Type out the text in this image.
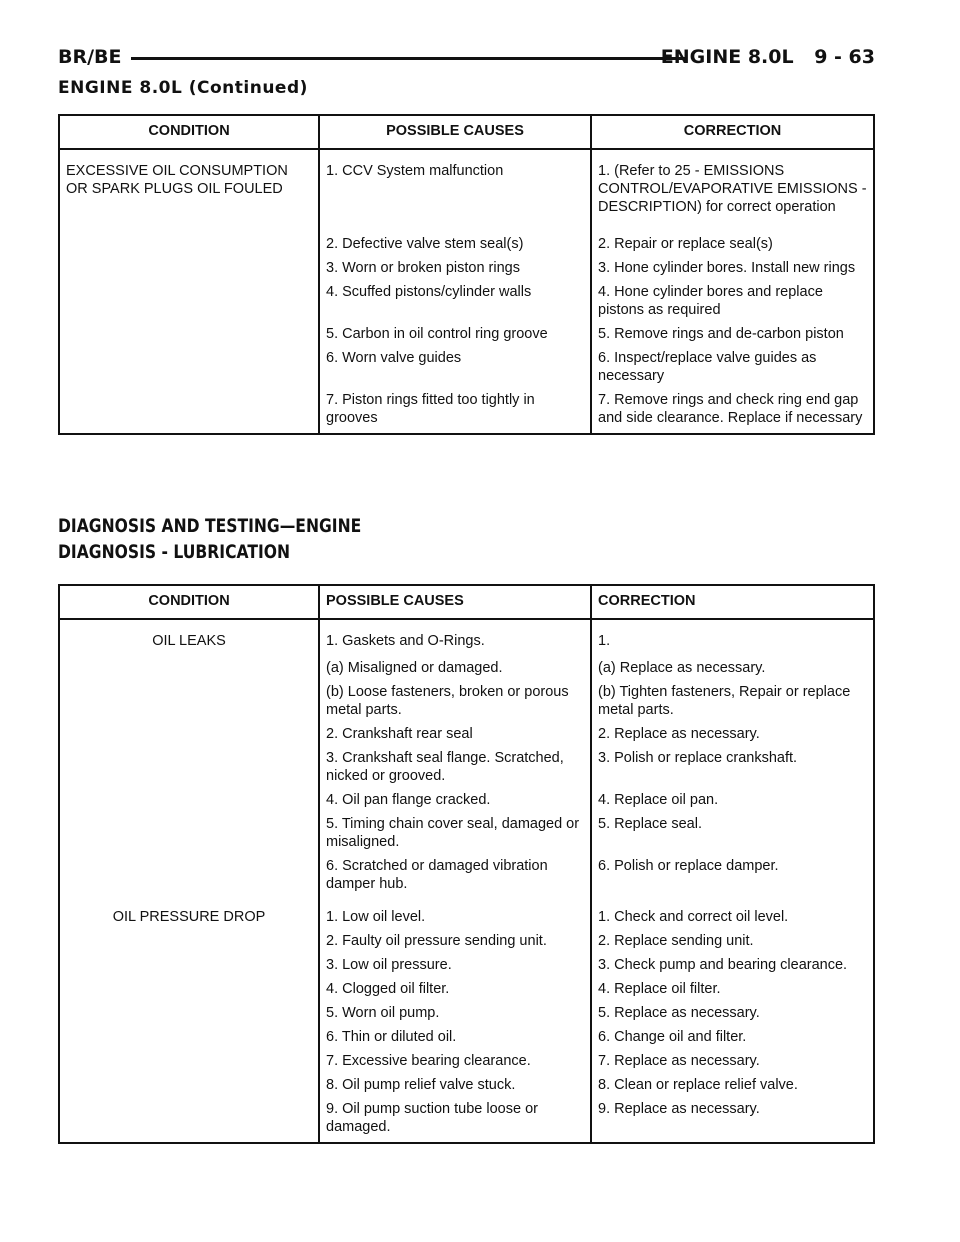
BR/BE	ENGINE 8.0L 9 - 63
ENGINE 8.0L (Continued)
CONDITION	POSSIBLE CAUSES	CORRECTION
EXCESSIVE OIL CONSUMPTION OR SPARK PLUGS OIL FOULED	1. CCV System malfunction	1. (Refer to 25 - EMISSIONS CONTROL/EVAPORATIVE EMISSIONS - DESCRIPTION) for correct operation
	2. Defective valve stem seal(s)	2. Repair or replace seal(s)
	3. Worn or broken piston rings	3. Hone cylinder bores. Install new rings
	4. Scuffed pistons/cylinder walls	4. Hone cylinder bores and replace pistons as required
	5. Carbon in oil control ring groove	5. Remove rings and de-carbon piston
	6. Worn valve guides	6. Inspect/replace valve guides as necessary
	7. Piston rings fitted too tightly in grooves	7. Remove rings and check ring end gap and side clearance. Replace if necessary
DIAGNOSIS AND TESTING—ENGINE
DIAGNOSIS - LUBRICATION
CONDITION	POSSIBLE CAUSES	CORRECTION
OIL LEAKS	1. Gaskets and O-Rings.	1.
	(a) Misaligned or damaged.	(a) Replace as necessary.
	(b) Loose fasteners, broken or porous metal parts.	(b) Tighten fasteners, Repair or replace metal parts.
	2. Crankshaft rear seal	2. Replace as necessary.
	3. Crankshaft seal flange. Scratched, nicked or grooved.	3. Polish or replace crankshaft.
	4. Oil pan flange cracked.	4. Replace oil pan.
	5. Timing chain cover seal, damaged or misaligned.	5. Replace seal.
	6. Scratched or damaged vibration damper hub.	6. Polish or replace damper.
OIL PRESSURE DROP	1. Low oil level.	1. Check and correct oil level.
	2. Faulty oil pressure sending unit.	2. Replace sending unit.
	3. Low oil pressure.	3. Check pump and bearing clearance.
	4. Clogged oil filter.	4. Replace oil filter.
	5. Worn oil pump.	5. Replace as necessary.
	6. Thin or diluted oil.	6. Change oil and filter.
	7. Excessive bearing clearance.	7. Replace as necessary.
	8. Oil pump relief valve stuck.	8. Clean or replace relief valve.
	9. Oil pump suction tube loose or damaged.	9. Replace as necessary.
